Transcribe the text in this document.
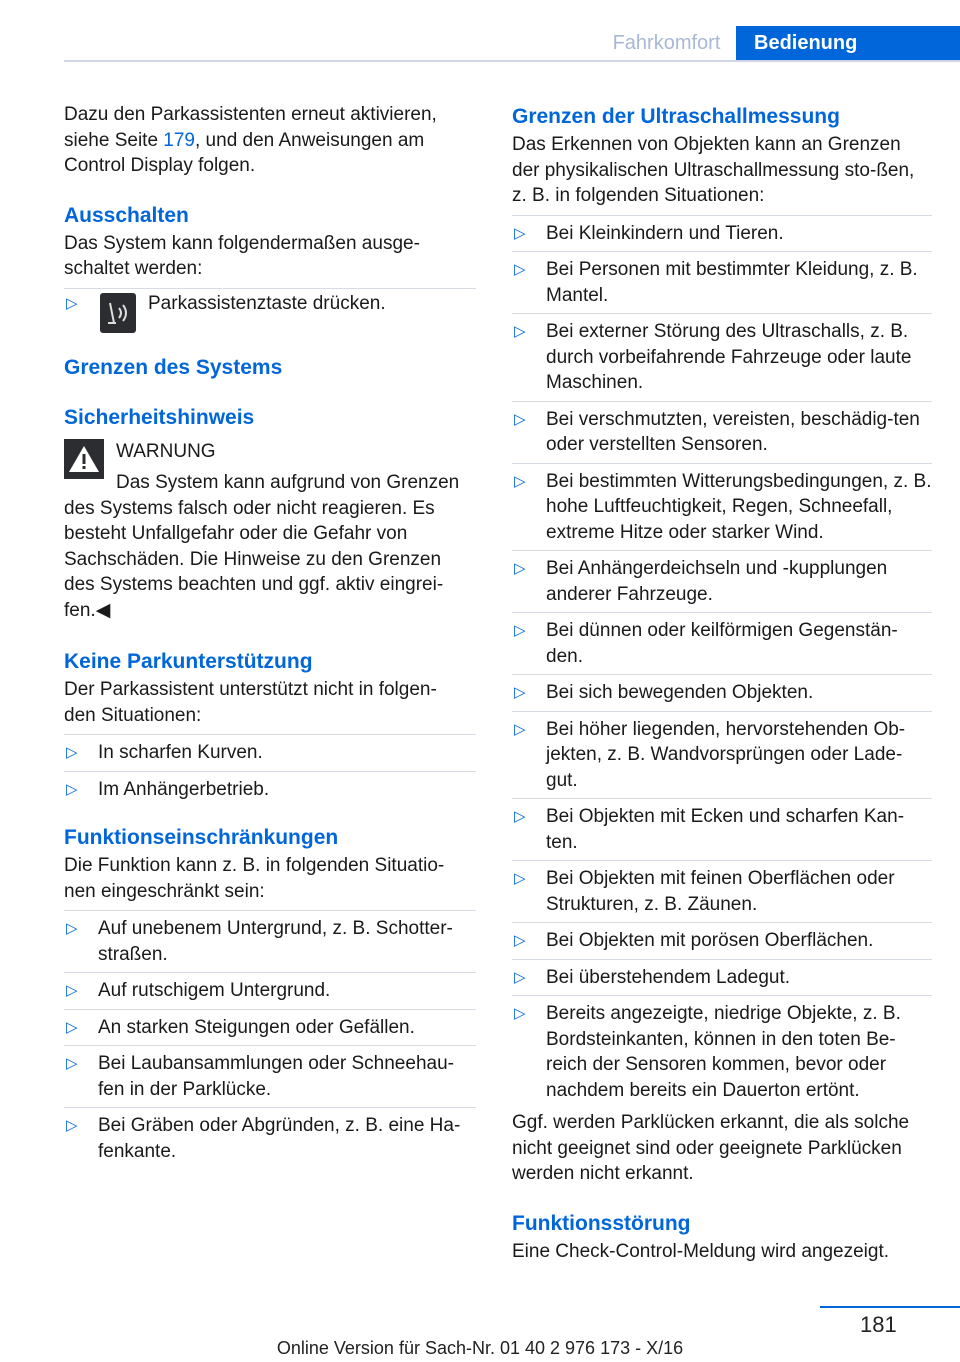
Fahrkomfort	Bedienung

Dazu den Parkassistenten erneut aktivieren,
siehe Seite 179, und den Anweisungen am
Control Display folgen.

Ausschalten

Das System kann folgendermaßen ausge-schaltet werden:

▷	Parkassistenztaste drücken.
Grenzen des Systems
Sicherheitshinweis

WARNUNG

Das System kann aufgrund von Grenzen des Systems falsch oder nicht reagieren. Es besteht Unfallgefahr oder die Gefahr von Sachschäden. Die Hinweise zu den Grenzen des Systems beachten und ggf. aktiv eingrei-fen.◀

Keine Parkunterstützung

Der Parkassistent unterstützt nicht in folgen-den Situationen:

▷ In scharfen Kurven.
▷ Im Anhängerbetrieb.
Funktionseinschränkungen

Die Funktion kann z. B. in folgenden Situatio-nen eingeschränkt sein:

▷ Auf unebenem Untergrund, z. B. Schotter-straßen.
▷ Auf rutschigem Untergrund.
▷ An starken Steigungen oder Gefällen.
▷ Bei Laubansammlungen oder Schneehau-fen in der Parklücke.
▷ Bei Gräben oder Abgründen, z. B. eine Ha-fenkante.
Grenzen der Ultraschallmessung

Das Erkennen von Objekten kann an Grenzen der physikalischen Ultraschallmessung sto-ßen, z. B. in folgenden Situationen:

▷ Bei Kleinkindern und Tieren.
▷ Bei Personen mit bestimmter Kleidung, z. B. Mantel.
▷ Bei externer Störung des Ultraschalls, z. B. durch vorbeifahrende Fahrzeuge oder laute Maschinen.
▷ Bei verschmutzten, vereisten, beschädig-ten oder verstellten Sensoren.
▷ Bei bestimmten Witterungsbedingungen, z. B. hohe Luftfeuchtigkeit, Regen, Schneefall, extreme Hitze oder starker Wind.
▷ Bei Anhängerdeichseln und -kupplungen anderer Fahrzeuge.
▷ Bei dünnen oder keilförmigen Gegenstän-den.
▷ Bei sich bewegenden Objekten.
▷ Bei höher liegenden, hervorstehenden Ob-jekten, z. B. Wandvorsprüngen oder Lade-gut.
▷ Bei Objekten mit Ecken und scharfen Kan-ten.
▷ Bei Objekten mit feinen Oberflächen oder Strukturen, z. B. Zäunen.
▷ Bei Objekten mit porösen Oberflächen.
▷ Bei überstehendem Ladegut.
▷ Bereits angezeigte, niedrige Objekte, z. B. Bordsteinkanten, können in den toten Be-reich der Sensoren kommen, bevor oder nachdem bereits ein Dauerton ertönt.

Ggf. werden Parklücken erkannt, die als solche nicht geeignet sind oder geeignete Parklücken werden nicht erkannt.

Funktionsstörung

Eine Check-Control-Meldung wird angezeigt.

181
Online Version für Sach-Nr. 01 40 2 976 173 - X/16
